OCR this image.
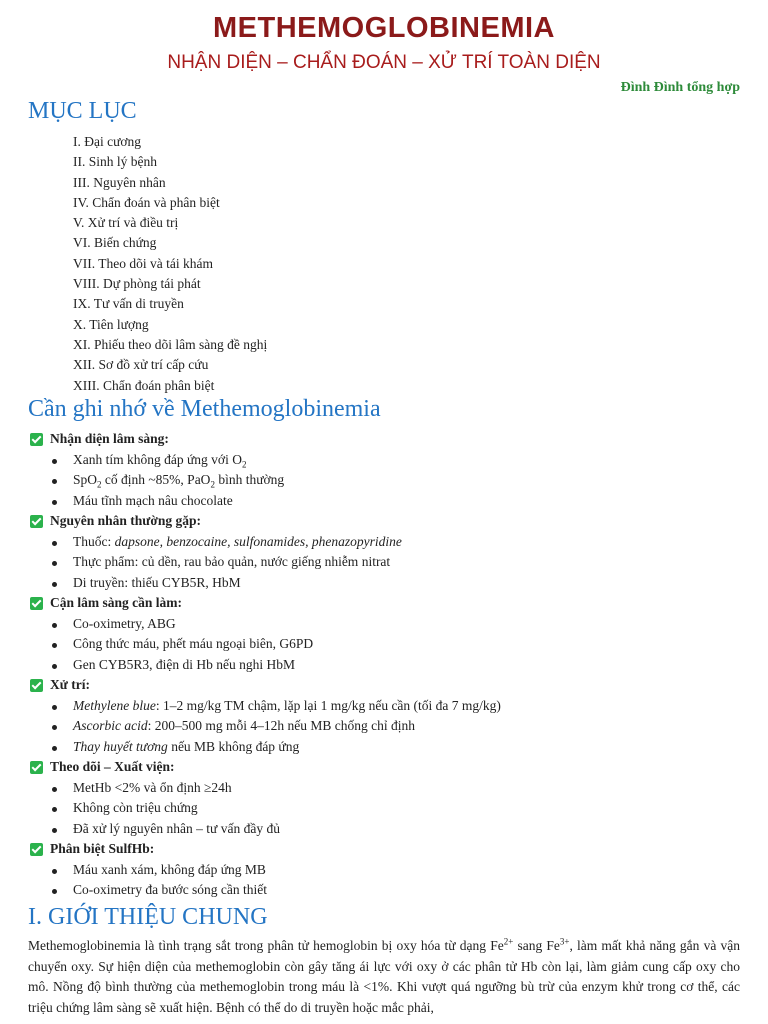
METHEMOGLOBINEMIA
NHẬN DIỆN – CHẨN ĐOÁN – XỬ TRÍ TOÀN DIỆN
Đình Đình tổng hợp
MỤC LỤC
I. Đại cương
II. Sinh lý bệnh
III. Nguyên nhân
IV. Chẩn đoán và phân biệt
V. Xử trí và điều trị
VI. Biến chứng
VII. Theo dõi và tái khám
VIII. Dự phòng tái phát
IX. Tư vấn di truyền
X. Tiên lượng
XI. Phiếu theo dõi lâm sàng đề nghị
XII. Sơ đồ xử trí cấp cứu
XIII. Chẩn đoán phân biệt
Cần ghi nhớ về Methemoglobinemia
Nhận diện lâm sàng:
Xanh tím không đáp ứng với $O_2$
SpO$_2$ cố định ~85%, PaO$_2$ bình thường
Máu tĩnh mạch nâu chocolate
Nguyên nhân thường gặp:
Thuốc: dapsone, benzocaine, sulfonamides, phenazopyridine
Thực phẩm: củ dền, rau bảo quản, nước giếng nhiễm nitrat
Di truyền: thiếu CYB5R, HbM
Cận lâm sàng cần làm:
Co-oximetry, ABG
Công thức máu, phết máu ngoại biên, G6PD
Gen CYB5R3, điện di Hb nếu nghi HbM
Xử trí:
Methylene blue: 1–2 mg/kg TM chậm, lặp lại 1 mg/kg nếu cần (tối đa 7 mg/kg)
Ascorbic acid: 200–500 mg mỗi 4–12h nếu MB chống chỉ định
Thay huyết tương nếu MB không đáp ứng
Theo dõi – Xuất viện:
MetHb <2% và ổn định ≥24h
Không còn triệu chứng
Đã xử lý nguyên nhân – tư vấn đầy đủ
Phân biệt SulfHb:
Máu xanh xám, không đáp ứng MB
Co-oximetry đa bước sóng cần thiết
I. GIỚI THIỆU CHUNG

Methemoglobinemia là tình trạng sắt trong phân tử hemoglobin bị oxy hóa từ dạng $Fe^{2+}$ sang $Fe^{3+}$, làm mất khả năng gắn và vận chuyển oxy. Sự hiện diện của methemoglobin còn gây tăng ái lực với oxy ở các phân tử Hb còn lại, làm giảm cung cấp oxy cho mô. Nồng độ bình thường của methemoglobin trong máu là <1%. Khi vượt quá ngưỡng bù trừ của enzym khử trong cơ thể, các triệu chứng lâm sàng sẽ xuất hiện. Bệnh có thể do di truyền hoặc mắc phải,
